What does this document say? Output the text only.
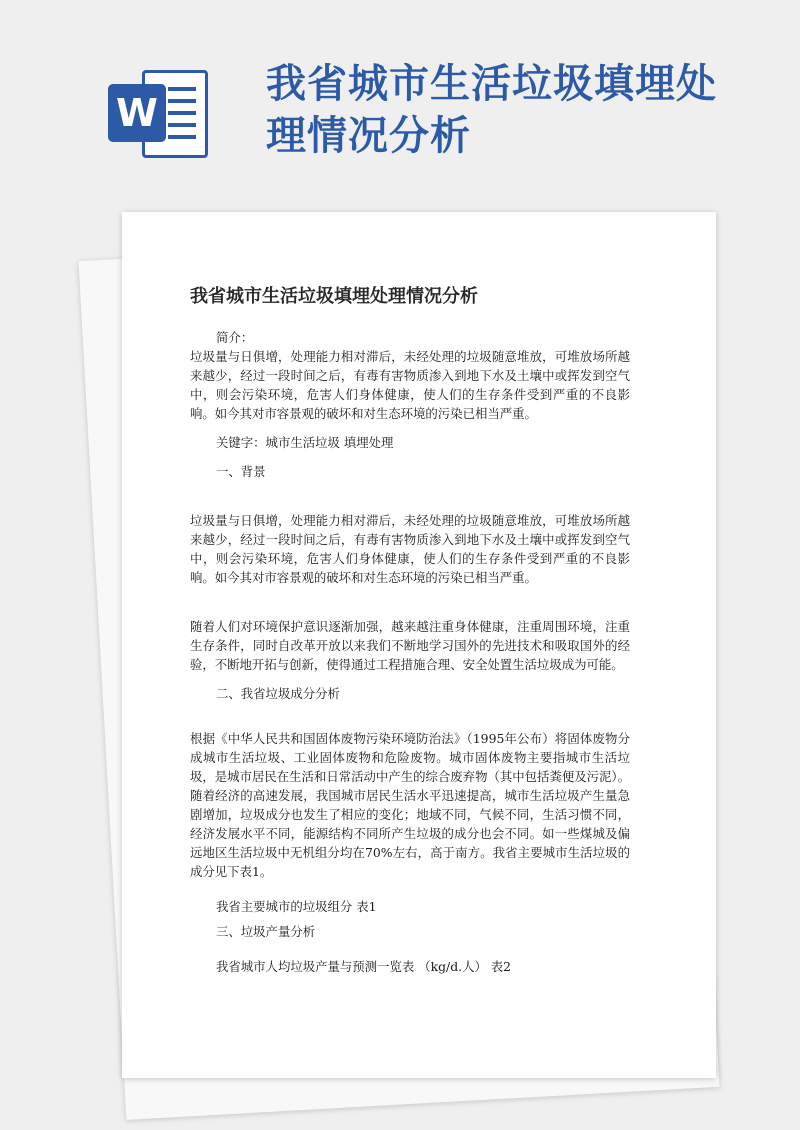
W
我省城市生活垃圾填埋处理情况分析
我省城市生活垃圾填埋处理情况分析

简介：

垃圾量与日俱增，处理能力相对滞后，未经处理的垃圾随意堆放，可堆放场所越来越少，经过一段时间之后，有毒有害物质渗入到地下水及土壤中或挥发到空气中，则会污染环境，危害人们身体健康，使人们的生存条件受到严重的不良影响。如今其对市容景观的破坏和对生态环境的污染已相当严重。

关键字：城市生活垃圾 填埋处理

一、背景

垃圾量与日俱增，处理能力相对滞后，未经处理的垃圾随意堆放，可堆放场所越来越少，经过一段时间之后，有毒有害物质渗入到地下水及土壤中或挥发到空气中，则会污染环境，危害人们身体健康，使人们的生存条件受到严重的不良影响。如今其对市容景观的破坏和对生态环境的污染已相当严重。

随着人们对环境保护意识逐渐加强，越来越注重身体健康，注重周围环境，注重生存条件，同时自改革开放以来我们不断地学习国外的先进技术和吸取国外的经验，不断地开拓与创新，使得通过工程措施合理、安全处置生活垃圾成为可能。

二、我省垃圾成分分析

根据《中华人民共和国固体废物污染环境防治法》（1995年公布）将固体废物分成城市生活垃圾、工业固体废物和危险废物。城市固体废物主要指城市生活垃圾，是城市居民在生活和日常活动中产生的综合废弃物（其中包括粪便及污泥）。随着经济的高速发展，我国城市居民生活水平迅速提高，城市生活垃圾产生量急剧增加，垃圾成分也发生了相应的变化；地域不同，气候不同，生活习惯不同，经济发展水平不同，能源结构不同所产生垃圾的成分也会不同。如一些煤城及偏远地区生活垃圾中无机组分均在70%左右，高于南方。我省主要城市生活垃圾的成分见下表1。

我省主要城市的垃圾组分 表1

三、垃圾产量分析

我省城市人均垃圾产量与预测一览表 （kg/d.人） 表2
